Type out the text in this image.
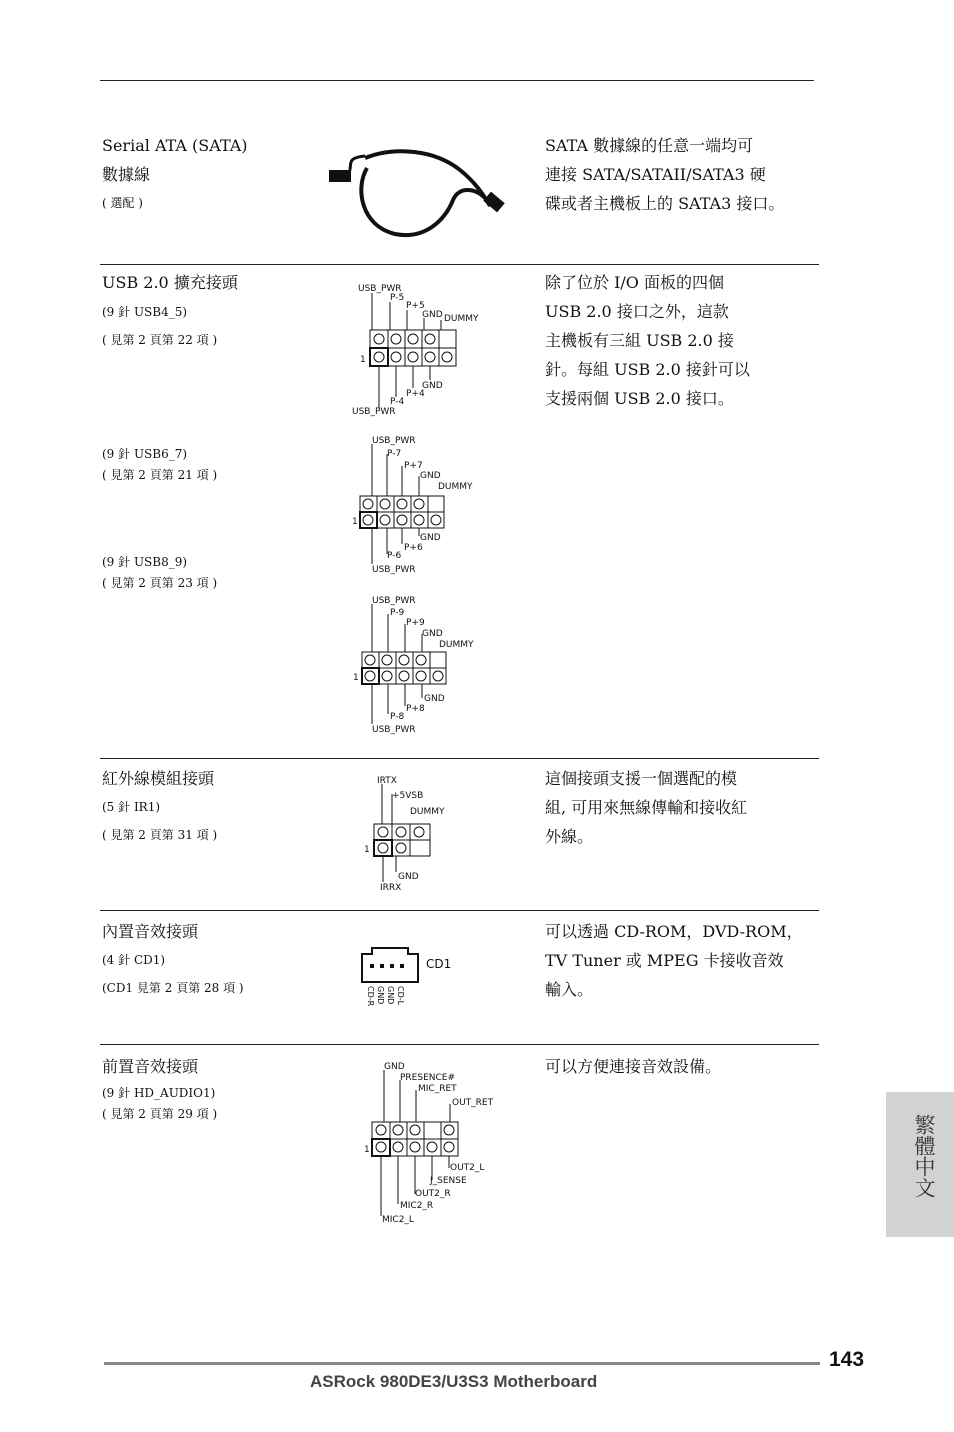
Serial ATA (SATA)
數據線
( 選配 )
SATA 數據線的任意一端均可
連接 SATA/SATAII/SATA3 硬
碟或者主機板上的 SATA3 接口。
USB 2.0 擴充接頭
(9 針 USB4_5)
( 見第 2 頁第 22 項 )
(9 針 USB6_7)
( 見第 2 頁第 21 項 )
(9 針 USB8_9)
( 見第 2 頁第 23 項 )
除了位於 I/O 面板的四個
USB 2.0 接口之外，這款
主機板有三組 USB 2.0 接
針。每組 USB 2.0 接針可以
支援兩個 USB 2.0 接口。
USB_PWR
P-5
P+5
GND DUMMY
1
GND
P+4
P-4
USB_PWR
USB_PWR
P-7
P+7
GND
DUMMY
1
GND
P+6
P-6
USB_PWR
USB_PWR
P-9
P+9
GND
DUMMY
1
GND
P+8
P-8
USB_PWR
紅外線模組接頭
(5 針 IR1)
( 見第 2 頁第 31 項 )
這個接頭支援一個選配的模
組, 可用來無線傳輸和接收紅
外線。
IRTX
+5VSB
DUMMY
1
GND
IRRX
內置音效接頭
(4 針 CD1)
(CD1 見第 2 頁第 28 項 )
可以透過 CD-ROM，DVD-ROM，
TV Tuner 或 MPEG 卡接收音效
輸入。
CD1
CD-L
GND
GND
CD-R
前置音效接頭
(9 針 HD_AUDIO1)
( 見第 2 頁第 29 項 )
可以方便連接音效設備。
GND
PRESENCE#
MIC_RET
OUT_RET
1
OUT2_L
J_SENSE
OUT2_R
MIC2_R
MIC2_L
繁體中文
143
ASRock 980DE3/U3S3 Motherboard
